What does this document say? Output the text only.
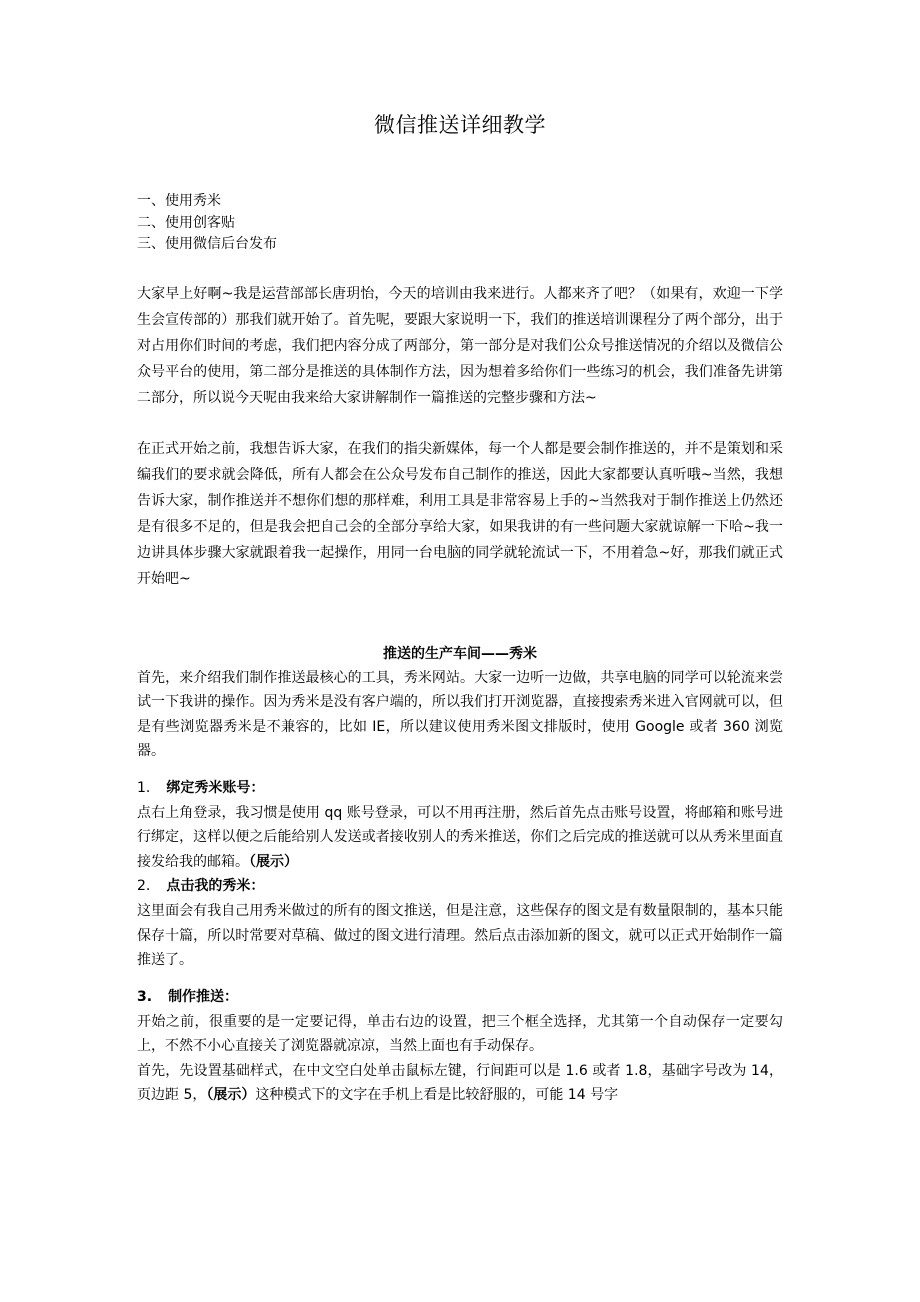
微信推送详细教学
一、使用秀米
二、使用创客贴
三、使用微信后台发布

大家早上好啊~我是运营部部长唐玥怡，今天的培训由我来进行。人都来齐了吧？（如果有，欢迎一下学生会宣传部的）那我们就开始了。首先呢，要跟大家说明一下，我们的推送培训课程分了两个部分，出于对占用你们时间的考虑，我们把内容分成了两部分，第一部分是对我们公众号推送情况的介绍以及微信公众号平台的使用，第二部分是推送的具体制作方法，因为想着多给你们一些练习的机会，我们准备先讲第二部分，所以说今天呢由我来给大家讲解制作一篇推送的完整步骤和方法~

在正式开始之前，我想告诉大家，在我们的指尖新媒体，每一个人都是要会制作推送的，并不是策划和采编我们的要求就会降低，所有人都会在公众号发布自己制作的推送，因此大家都要认真听哦~当然，我想告诉大家，制作推送并不想你们想的那样难，利用工具是非常容易上手的~当然我对于制作推送上仍然还是有很多不足的，但是我会把自己会的全部分享给大家，如果我讲的有一些问题大家就谅解一下哈~我一边讲具体步骤大家就跟着我一起操作，用同一台电脑的同学就轮流试一下，不用着急~好，那我们就正式开始吧~

推送的生产车间——秀米

首先，来介绍我们制作推送最核心的工具，秀米网站。大家一边听一边做，共享电脑的同学可以轮流来尝试一下我讲的操作。因为秀米是没有客户端的，所以我们打开浏览器，直接搜索秀米进入官网就可以，但是有些浏览器秀米是不兼容的，比如 IE，所以建议使用秀米图文排版时，使用 Google 或者 360 浏览器。

1. 绑定秀米账号：

点右上角登录，我习惯是使用 qq 账号登录，可以不用再注册，然后首先点击账号设置，将邮箱和账号进行绑定，这样以便之后能给别人发送或者接收别人的秀米推送，你们之后完成的推送就可以从秀米里面直接发给我的邮箱。（展示）

2. 点击我的秀米：

这里面会有我自己用秀米做过的所有的图文推送，但是注意，这些保存的图文是有数量限制的，基本只能保存十篇，所以时常要对草稿、做过的图文进行清理。然后点击添加新的图文，就可以正式开始制作一篇推送了。

3. 制作推送：

开始之前，很重要的是一定要记得，单击右边的设置，把三个框全选择，尤其第一个自动保存一定要勾上，不然不小心直接关了浏览器就凉凉，当然上面也有手动保存。

首先，先设置基础样式，在中文空白处单击鼠标左键，行间距可以是 1.6 或者 1.8，基础字号改为 14，页边距 5，（展示）这种模式下的文字在手机上看是比较舒服的，可能 14 号字
